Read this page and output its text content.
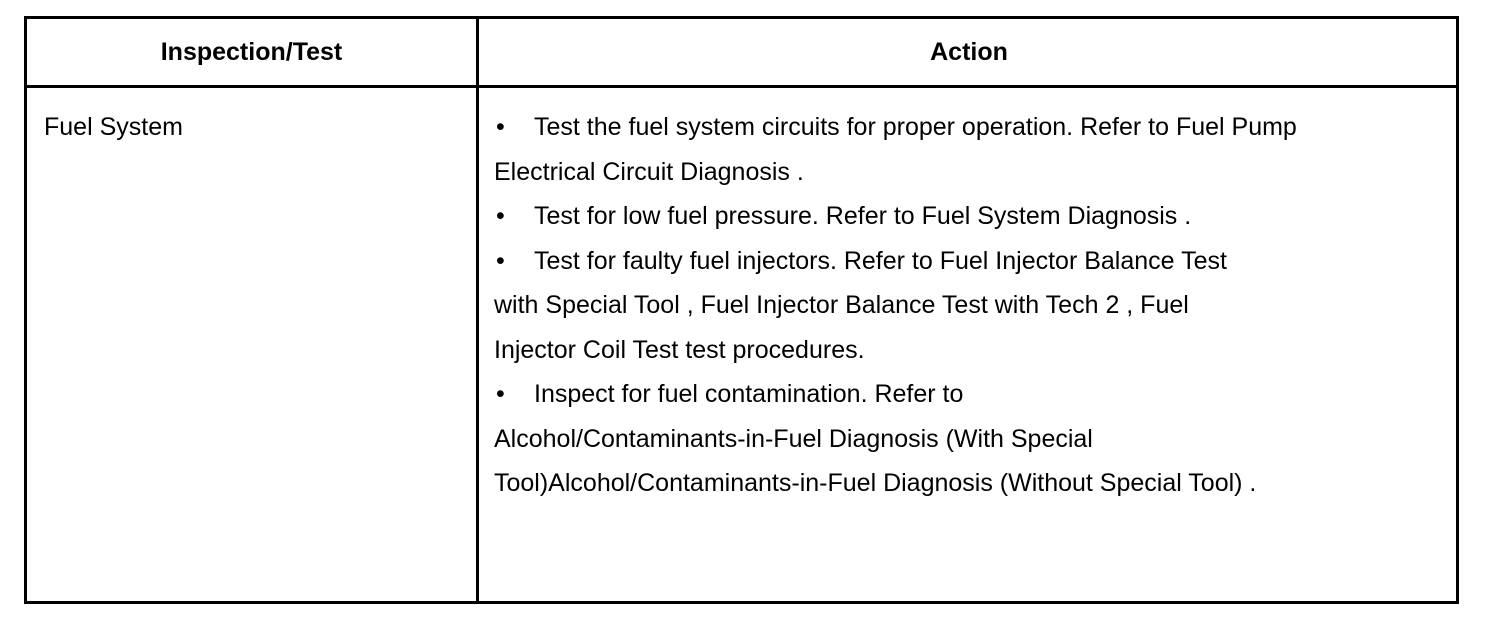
Inspection/Test	Action
Fuel System	• Test the fuel system circuits for proper operation. Refer to Fuel Pump
Electrical Circuit Diagnosis .
• Test for low fuel pressure. Refer to Fuel System Diagnosis .
• Test for faulty fuel injectors. Refer to Fuel Injector Balance Test
with Special Tool , Fuel Injector Balance Test with Tech 2 , Fuel
Injector Coil Test test procedures.
• Inspect for fuel contamination. Refer to
Alcohol/Contaminants-in-Fuel Diagnosis (With Special
Tool)Alcohol/Contaminants-in-Fuel Diagnosis (Without Special Tool) .
